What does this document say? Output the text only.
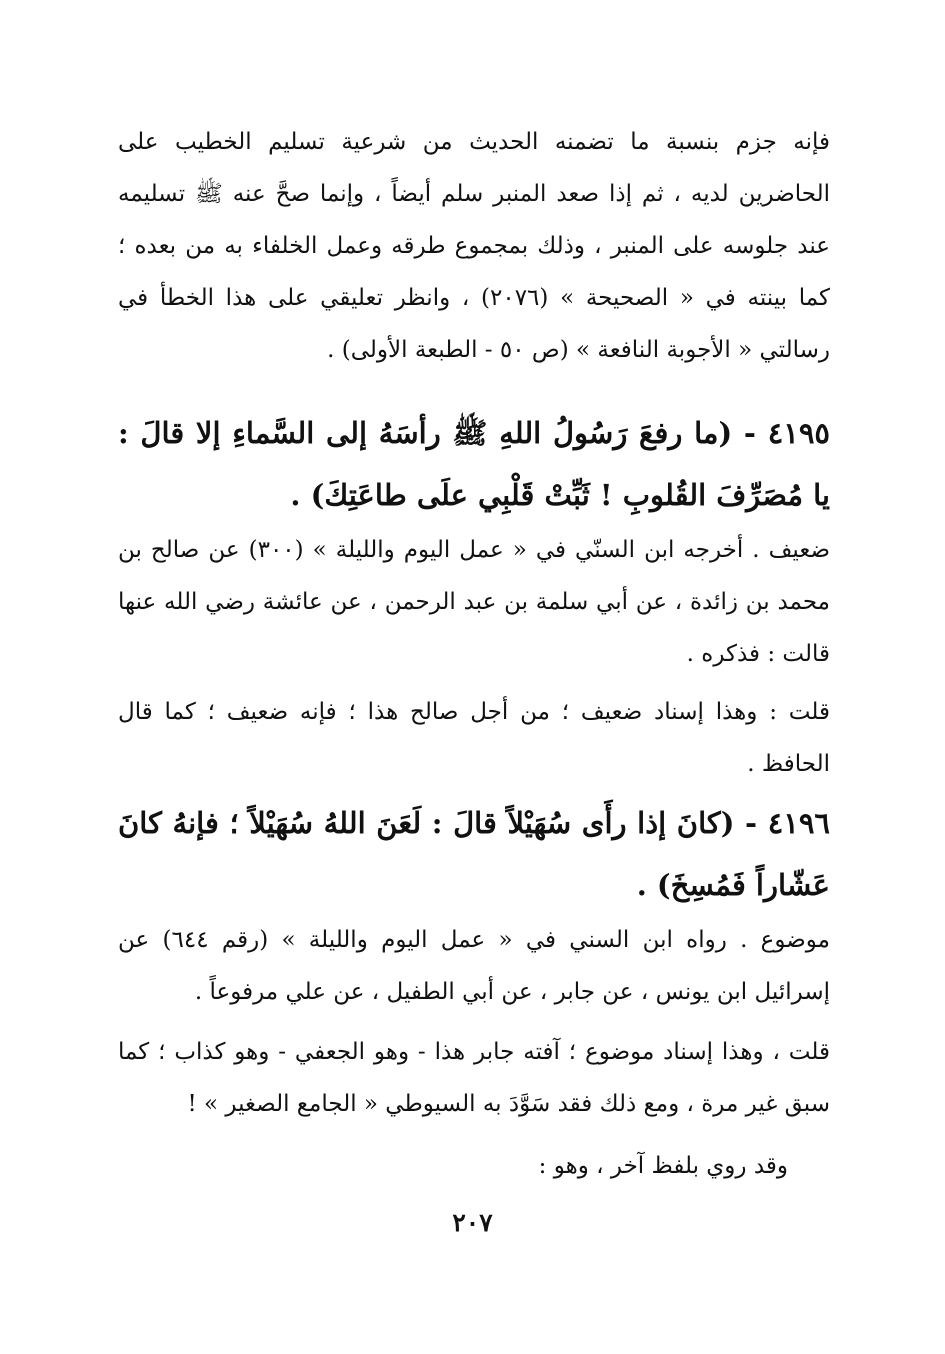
فإنه جزم بنسبة ما تضمنه الحديث من شرعية تسليم الخطيب على الحاضرين لديه ، ثم إذا صعد المنبر سلم أيضاً ، وإنما صحَّ عنه ﷺ تسليمه عند جلوسه على المنبر ، وذلك بمجموع طرقه وعمل الخلفاء به من بعده ؛ كما بينته في « الصحيحة » (٢٠٧٦) ، وانظر تعليقي على هذا الخطأ في رسالتي « الأجوبة النافعة » (ص ٥٠ - الطبعة الأولى) .

٤١٩٥ - (ما رفعَ رَسُولُ اللهِ ﷺ رأسَهُ إلى السَّماءِ إلا قالَ : يا مُصَرِّفَ القُلوبِ ! ثَبِّتْ قَلْبِي علَى طاعَتِكَ) .

ضعيف . أخرجه ابن السنّي في « عمل اليوم والليلة » (٣٠٠) عن صالح بن محمد بن زائدة ، عن أبي سلمة بن عبد الرحمن ، عن عائشة رضي الله عنها قالت : فذكره .

قلت : وهذا إسناد ضعيف ؛ من أجل صالح هذا ؛ فإنه ضعيف ؛ كما قال الحافظ .

٤١٩٦ - (كانَ إذا رأَى سُهَيْلاً قالَ : لَعَنَ اللهُ سُهَيْلاً ؛ فإنهُ كانَ عَشّاراً فَمُسِخَ) .

موضوع . رواه ابن السني في « عمل اليوم والليلة » (رقم ٦٤٤) عن إسرائيل ابن يونس ، عن جابر ، عن أبي الطفيل ، عن علي مرفوعاً .

قلت ، وهذا إسناد موضوع ؛ آفته جابر هذا - وهو الجعفي - وهو كذاب ؛ كما سبق غير مرة ، ومع ذلك فقد سَوَّدَ به السيوطي « الجامع الصغير » !

وقد روي بلفظ آخر ، وهو :

٢٠٧
